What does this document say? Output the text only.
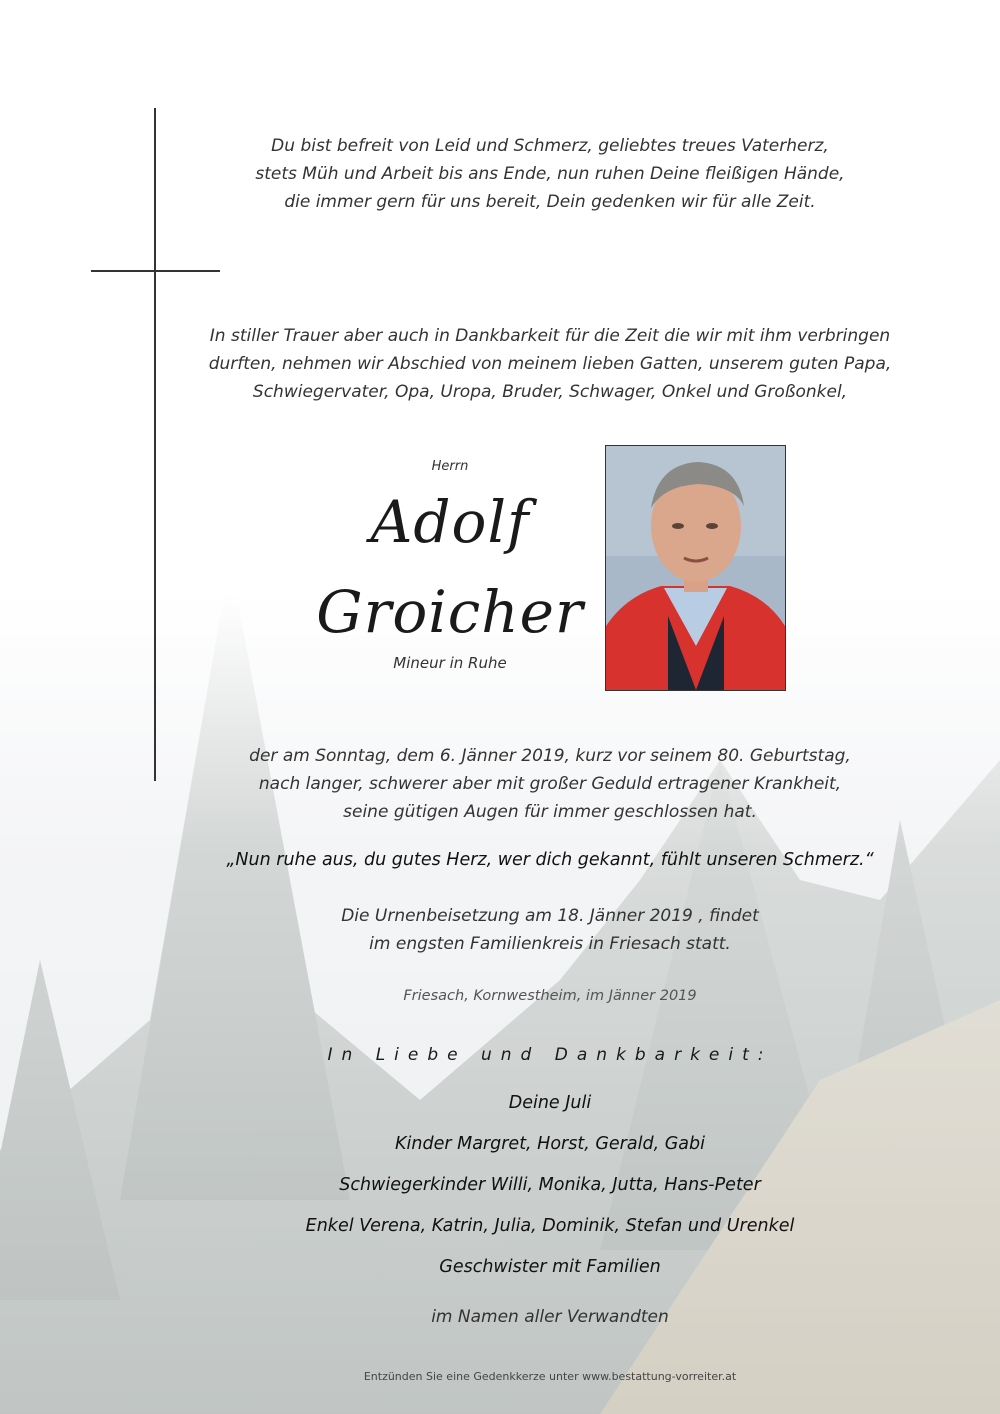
Du bist befreit von Leid und Schmerz, geliebtes treues Vaterherz,
stets Müh und Arbeit bis ans Ende, nun ruhen Deine fleißigen Hände,
die immer gern für uns bereit, Dein gedenken wir für alle Zeit.
In stiller Trauer aber auch in Dankbarkeit für die Zeit die wir mit ihm verbringen
durften, nehmen wir Abschied von meinem lieben Gatten, unserem guten Papa,
Schwiegervater, Opa, Uropa, Bruder, Schwager, Onkel und Großonkel,
Herrn
Adolf
Groicher
Mineur in Ruhe
der am Sonntag, dem 6. Jänner 2019, kurz vor seinem 80. Geburtstag,
nach langer, schwerer aber mit großer Geduld ertragener Krankheit,
seine gütigen Augen für immer geschlossen hat.
„Nun ruhe aus, du gutes Herz, wer dich gekannt, fühlt unseren Schmerz.“
Die Urnenbeisetzung am 18. Jänner 2019 , findet
im engsten Familienkreis in Friesach statt.
Friesach, Kornwestheim, im Jänner 2019
In Liebe und Dankbarkeit:
Deine Juli
Kinder Margret, Horst, Gerald, Gabi
Schwiegerkinder Willi, Monika, Jutta, Hans-Peter
Enkel Verena, Katrin, Julia, Dominik, Stefan und Urenkel
Geschwister mit Familien
im Namen aller Verwandten
Entzünden Sie eine Gedenkkerze unter www.bestattung-vorreiter.at
